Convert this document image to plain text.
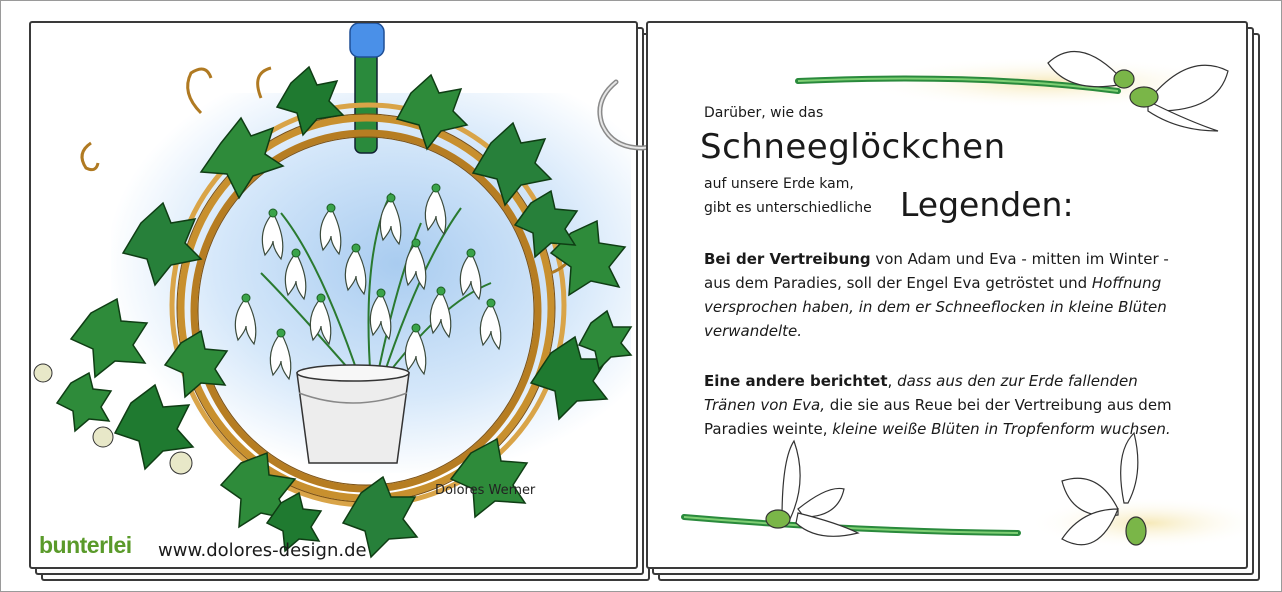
Dolores Werner
bunterlei www.dolores-design.de
Darüber, wie das
Schneeglöckchen
auf unsere Erde kam,
gibt es unterschiedliche Legenden:
Bei der Vertreibung von Adam und Eva - mitten im Winter - aus dem Paradies, soll der Engel Eva getröstet und Hoffnung versprochen haben, in dem er Schneeflocken in kleine Blüten verwandelte.
Eine andere berichtet, dass aus den zur Erde fallenden Tränen von Eva, die sie aus Reue bei der Vertreibung aus dem Paradies weinte, kleine weiße Blüten in Tropfenform wuchsen.
